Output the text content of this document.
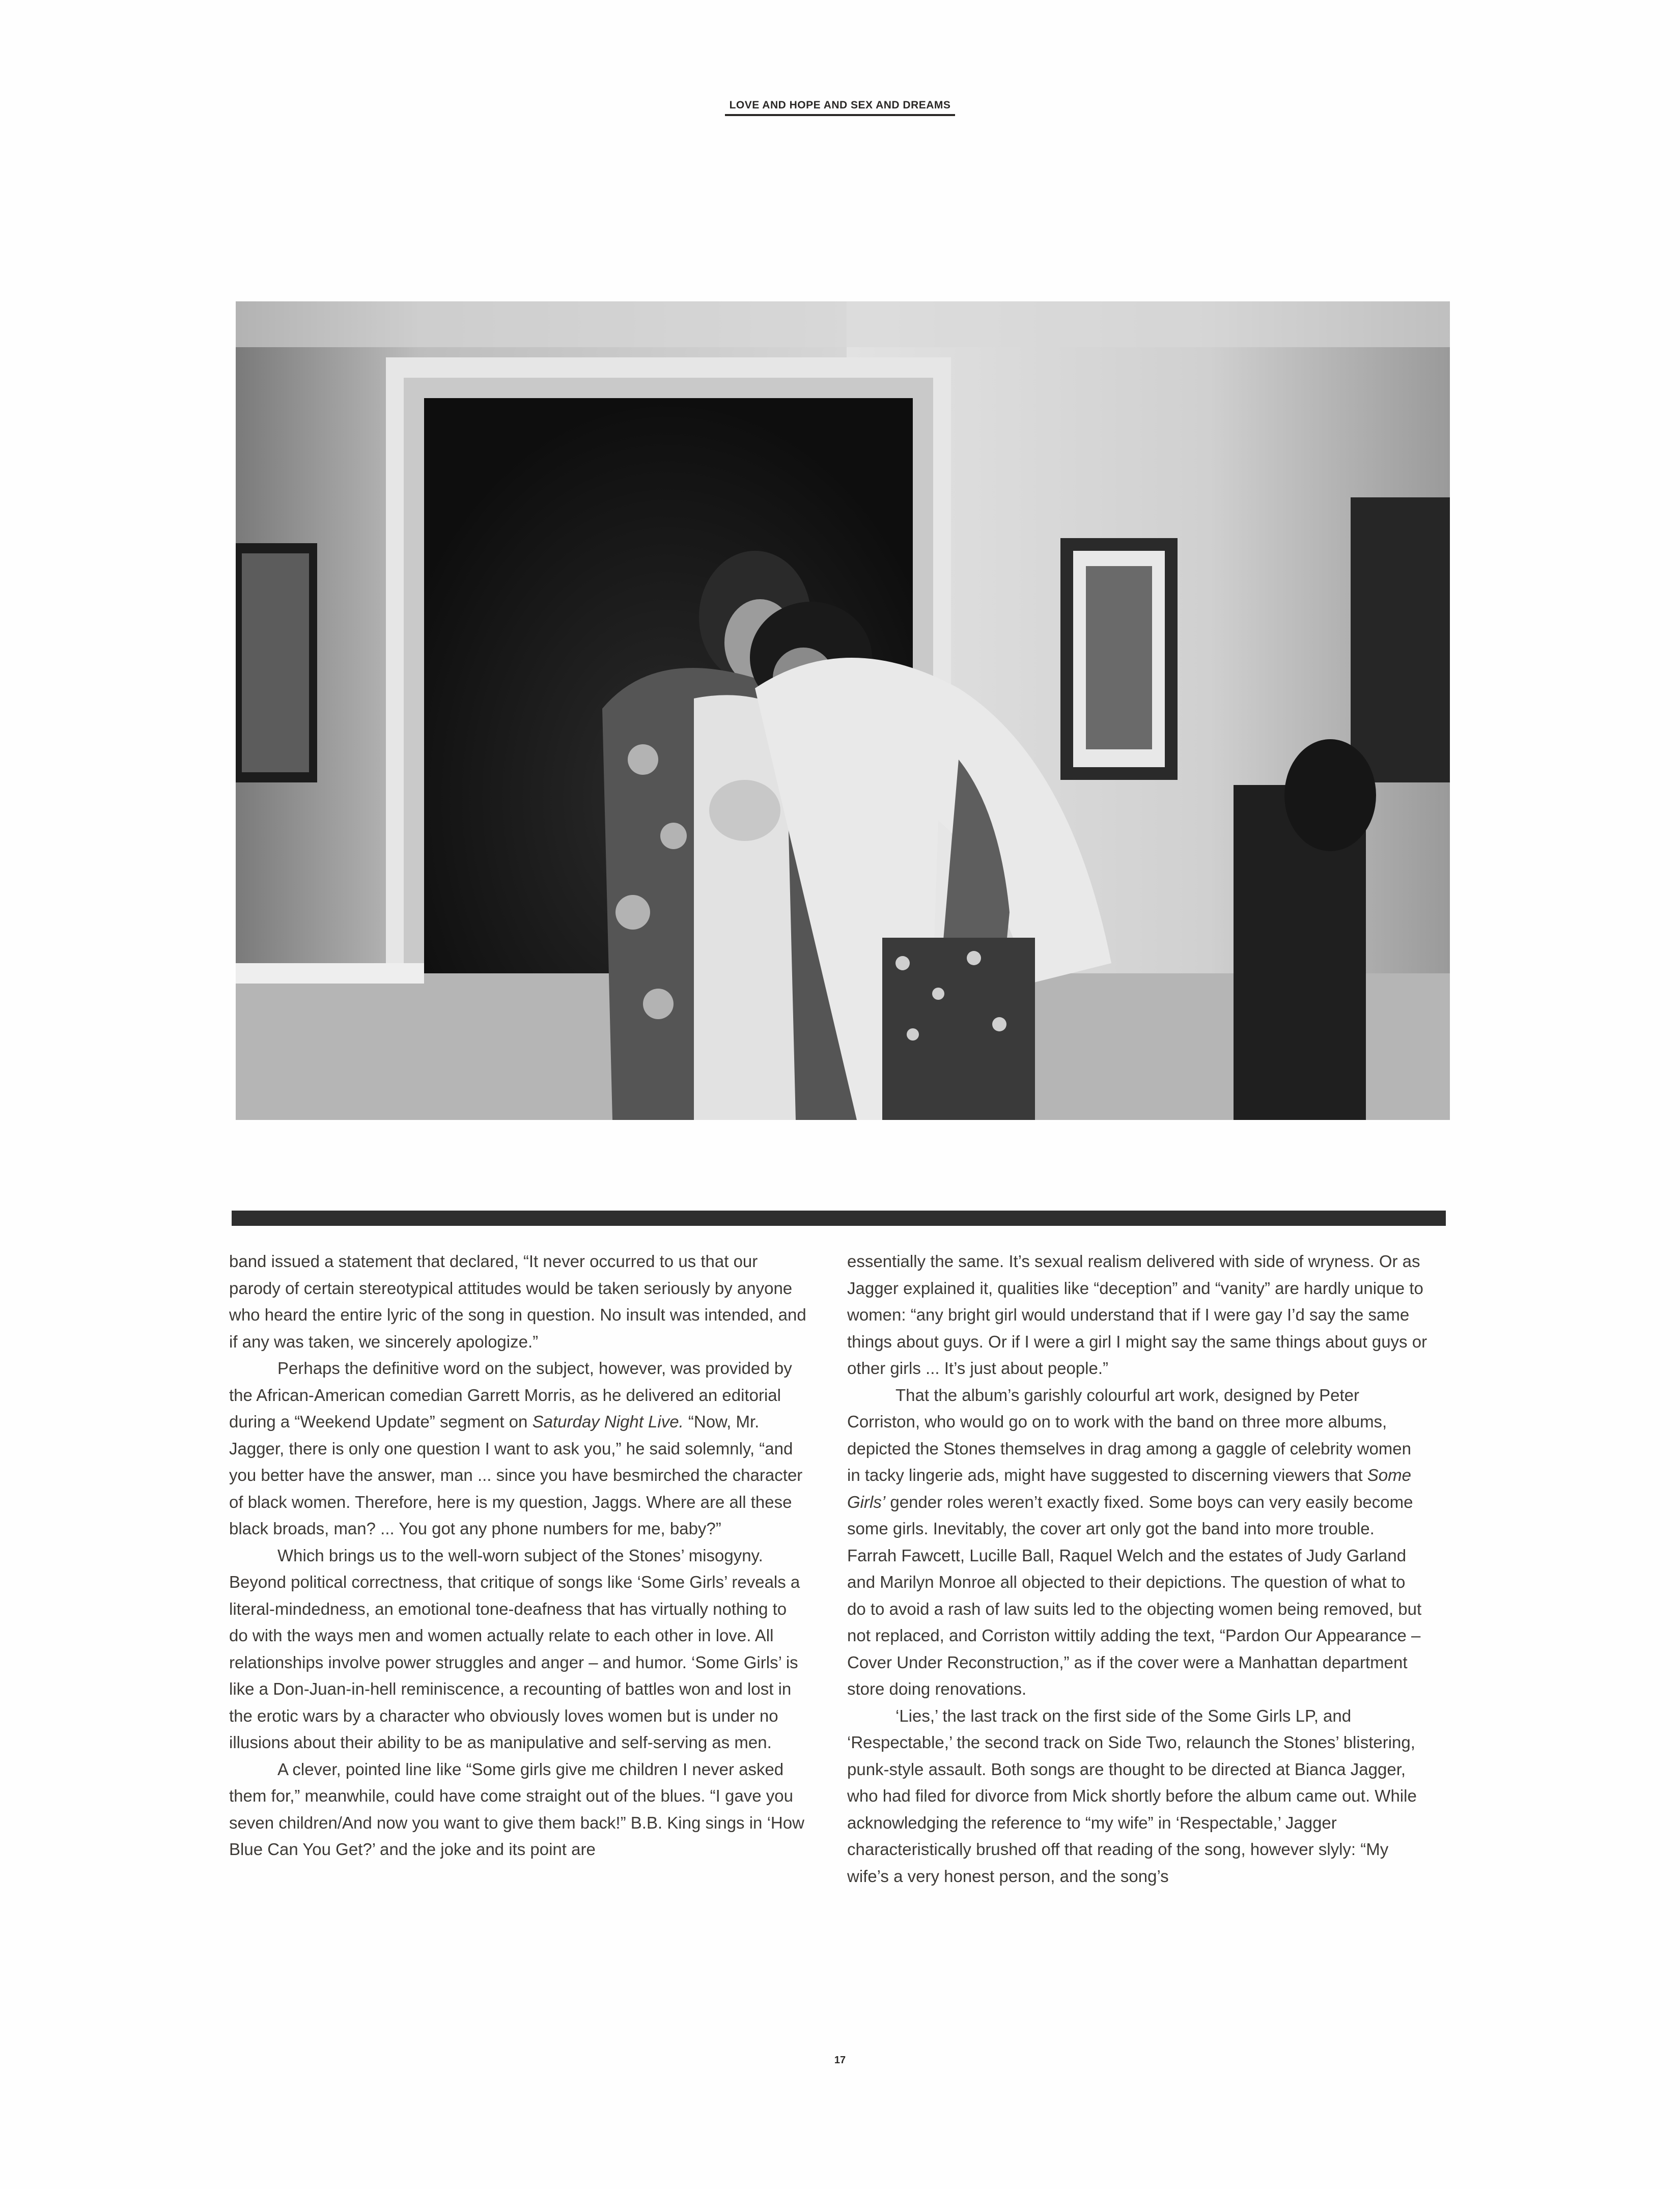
LOVE AND HOPE AND SEX AND DREAMS

band issued a statement that declared, “It never occurred to us that our parody of certain stereotypical attitudes would be taken seriously by anyone who heard the entire lyric of the song in question. No insult was intended, and if any was taken, we sincerely apologize.”

Perhaps the definitive word on the subject, however, was provided by the African-American comedian Garrett Morris, as he delivered an editorial during a “Weekend Update” segment on Saturday Night Live. “Now, Mr. Jagger, there is only one question I want to ask you,” he said solemnly, “and you better have the answer, man ... since you have besmirched the character of black women. Therefore, here is my question, Jaggs. Where are all these black broads, man? ... You got any phone numbers for me, baby?”

Which brings us to the well-worn subject of the Stones’ misogyny. Beyond political correctness, that critique of songs like ‘Some Girls’ reveals a literal-mindedness, an emotional tone-deafness that has virtually nothing to do with the ways men and women actually relate to each other in love. All relationships involve power struggles and anger – and humor. ‘Some Girls’ is like a Don-Juan-in-hell reminiscence, a recounting of battles won and lost in the erotic wars by a character who obviously loves women but is under no illusions about their ability to be as manipulative and self-serving as men.

A clever, pointed line like “Some girls give me children I never asked them for,” meanwhile, could have come straight out of the blues. “I gave you seven children/And now you want to give them back!” B.B. King sings in ‘How Blue Can You Get?’ and the joke and its point are

essentially the same. It’s sexual realism delivered with side of wryness. Or as Jagger explained it, qualities like “deception” and “vanity” are hardly unique to women: “any bright girl would understand that if I were gay I’d say the same things about guys. Or if I were a girl I might say the same things about guys or other girls ... It’s just about people.”

That the album’s garishly colourful art work, designed by Peter Corriston, who would go on to work with the band on three more albums, depicted the Stones themselves in drag among a gaggle of celebrity women in tacky lingerie ads, might have suggested to discerning viewers that Some Girls’ gender roles weren’t exactly fixed. Some boys can very easily become some girls. Inevitably, the cover art only got the band into more trouble. Farrah Fawcett, Lucille Ball, Raquel Welch and the estates of Judy Garland and Marilyn Monroe all objected to their depictions. The question of what to do to avoid a rash of law suits led to the objecting women being removed, but not replaced, and Corriston wittily adding the text, “Pardon Our Appearance – Cover Under Reconstruction,” as if the cover were a Manhattan department store doing renovations.

‘Lies,’ the last track on the first side of the Some Girls LP, and ‘Respectable,’ the second track on Side Two, relaunch the Stones’ blistering, punk-style assault. Both songs are thought to be directed at Bianca Jagger, who had filed for divorce from Mick shortly before the album came out. While acknowledging the reference to “my wife” in ‘Respectable,’ Jagger characteristically brushed off that reading of the song, however slyly: “My wife’s a very honest person, and the song’s

17
